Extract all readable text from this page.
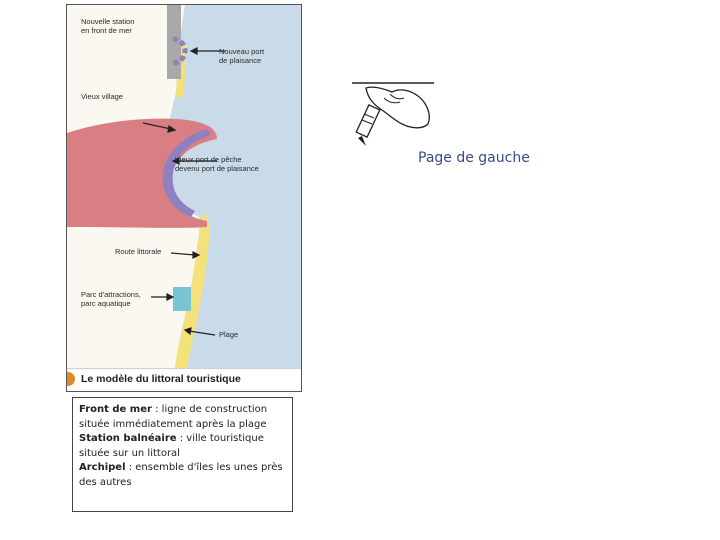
Nouvelle station
en front de mer
Nouveau port
de plaisance
Vieux village
Vieux port de pêche
devenu port de plaisance
Route littorale
Parc d'attractions,
parc aquatique
Plage
Le modèle du littoral touristique
Front de mer : ligne de construction située immédiatement après la plage
Station balnéaire : ville touristique située sur un littoral
Archipel : ensemble d'îles les unes près des autres
Page de gauche
